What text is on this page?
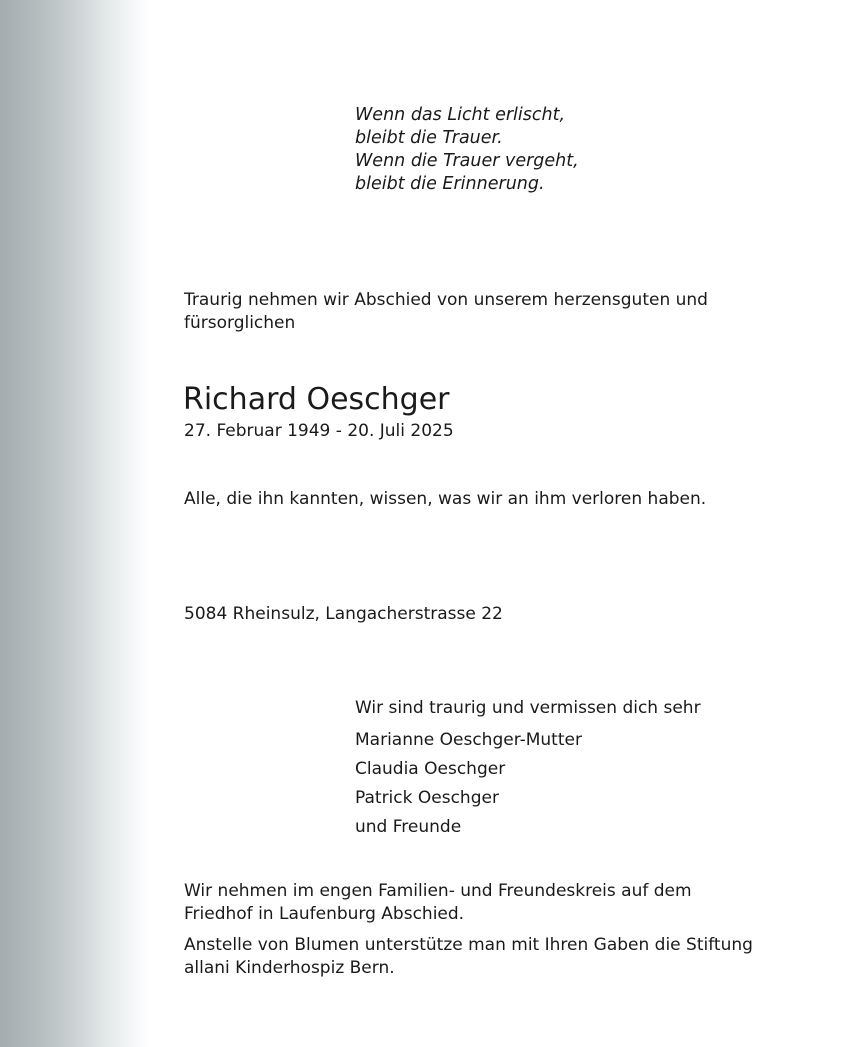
Wenn das Licht erlischt,
bleibt die Trauer.
Wenn die Trauer vergeht,
bleibt die Erinnerung.

Traurig nehmen wir Abschied von unserem herzensguten und
fürsorglichen

Richard Oeschger

27. Februar 1949 - 20. Juli 2025

Alle, die ihn kannten, wissen, was wir an ihm verloren haben.

5084 Rheinsulz, Langacherstrasse 22

Wir sind traurig und vermissen dich sehr
Marianne Oeschger-Mutter
Claudia Oeschger
Patrick Oeschger
und Freunde

Wir nehmen im engen Familien- und Freundeskreis auf dem
Friedhof in Laufenburg Abschied.

Anstelle von Blumen unterstütze man mit Ihren Gaben die Stiftung
allani Kinderhospiz Bern.
